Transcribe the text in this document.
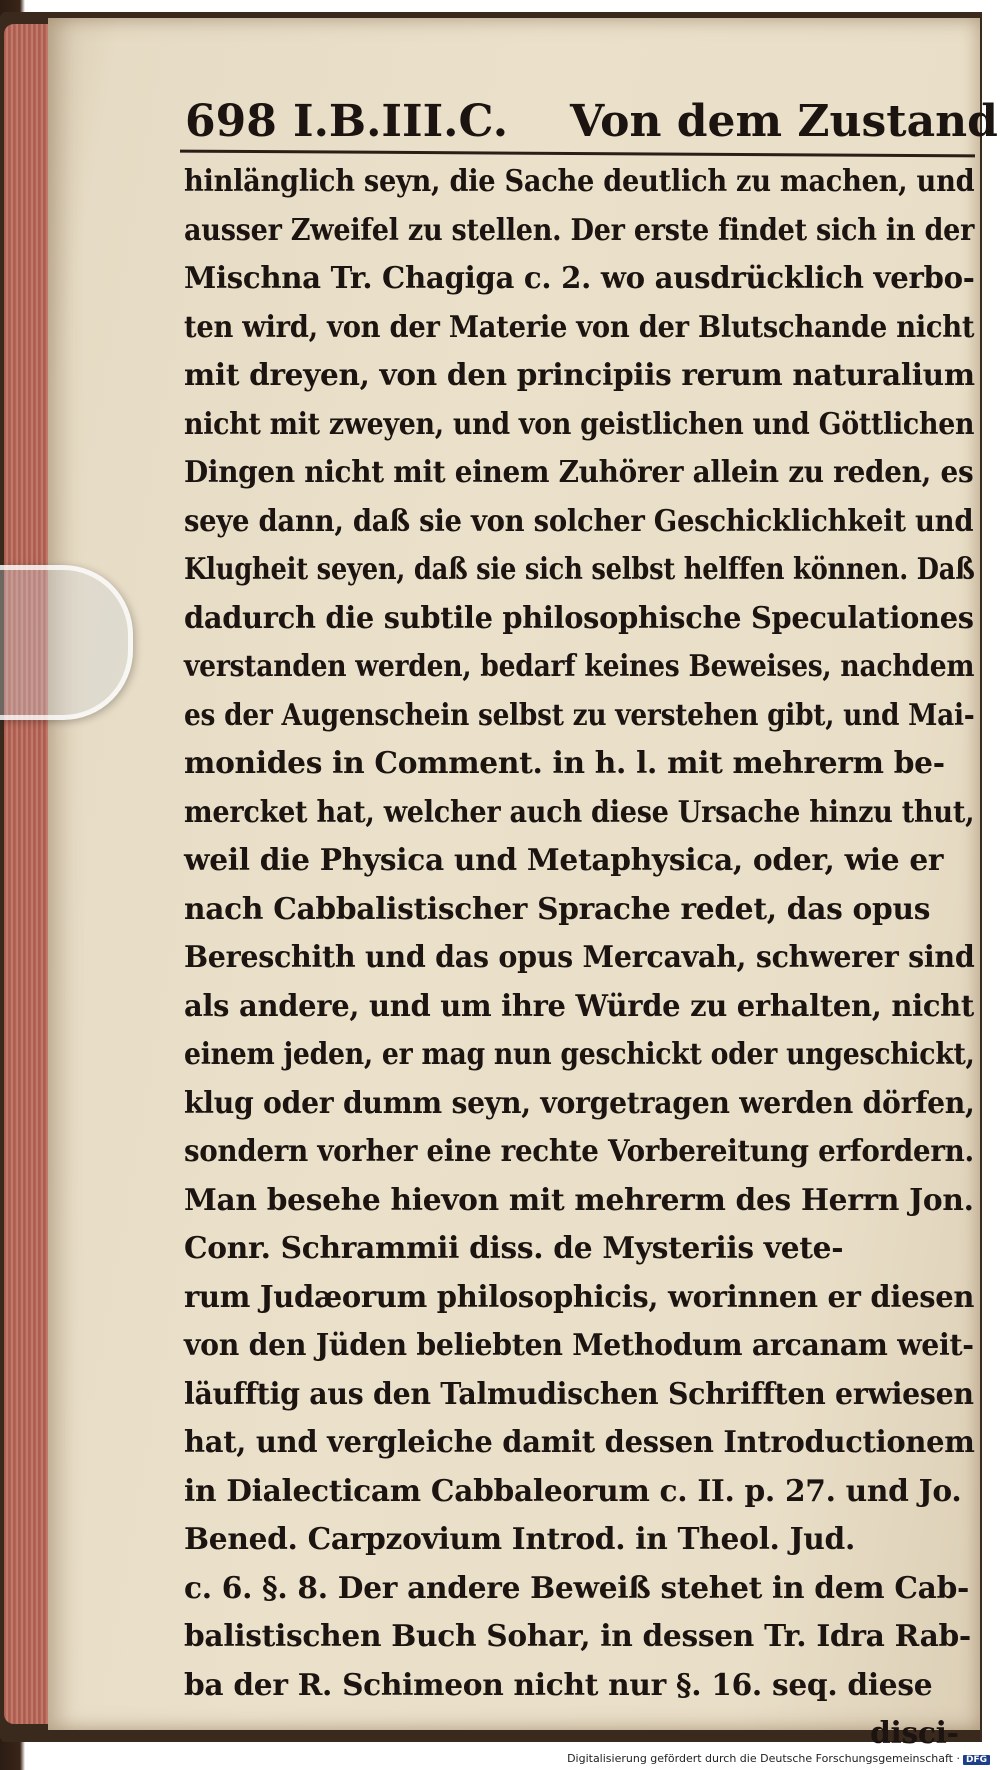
698 I.B.III.C. Von dem Zustand
hinlänglich seyn, die Sache deutlich zu machen, und
ausser Zweifel zu stellen. Der erste findet sich in der
Mischna Tr. Chagiga c. 2. wo ausdrücklich verbo-
ten wird, von der Materie von der Blutschande nicht
mit dreyen, von den principiis rerum naturalium
nicht mit zweyen, und von geistlichen und Göttlichen
Dingen nicht mit einem Zuhörer allein zu reden, es
seye dann, daß sie von solcher Geschicklichkeit und
Klugheit seyen, daß sie sich selbst helffen können. Daß
dadurch die subtile philosophische Speculationes
verstanden werden, bedarf keines Beweises, nachdem
es der Augenschein selbst zu verstehen gibt, und Mai-
monides in Comment. in h. l. mit mehrerm be-
mercket hat, welcher auch diese Ursache hinzu thut,
weil die Physica und Metaphysica, oder, wie er
nach Cabbalistischer Sprache redet, das opus
Bereschith und das opus Mercavah, schwerer sind
als andere, und um ihre Würde zu erhalten, nicht
einem jeden, er mag nun geschickt oder ungeschickt,
klug oder dumm seyn, vorgetragen werden dörfen,
sondern vorher eine rechte Vorbereitung erfordern.
Man besehe hievon mit mehrerm des Herrn Jon.
Conr. Schrammii diss. de Mysteriis vete-
rum Judæorum philosophicis, worinnen er diesen
von den Jüden beliebten Methodum arcanam weit-
läufftig aus den Talmudischen Schrifften erwiesen
hat, und vergleiche damit dessen Introductionem
in Dialecticam Cabbaleorum c. II. p. 27. und Jo.
Bened. Carpzovium Introd. in Theol. Jud.
c. 6. §. 8. Der andere Beweiß stehet in dem Cab-
balistischen Buch Sohar, in dessen Tr. Idra Rab-
ba der R. Schimeon nicht nur §. 16. seq. diese
disci-
Digitalisierung gefördert durch die Deutsche Forschungsgemeinschaft · DFG
